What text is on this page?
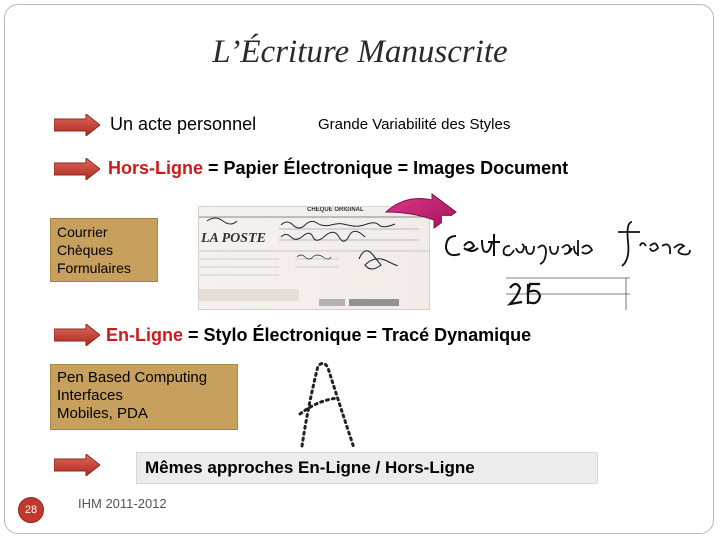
L’Écriture Manuscrite
Un acte personnel	Grande Variabilité des Styles
Hors-Ligne = Papier Électronique = Images Document
Courrier
Chèques
Formulaires
CHEQUE ORIGINAL
LA POSTE
En-Ligne = Stylo Électronique = Tracé Dynamique
Pen Based Computing
Interfaces
Mobiles, PDA
Mêmes approches En-Ligne / Hors-Ligne
28	IHM 2011-2012
